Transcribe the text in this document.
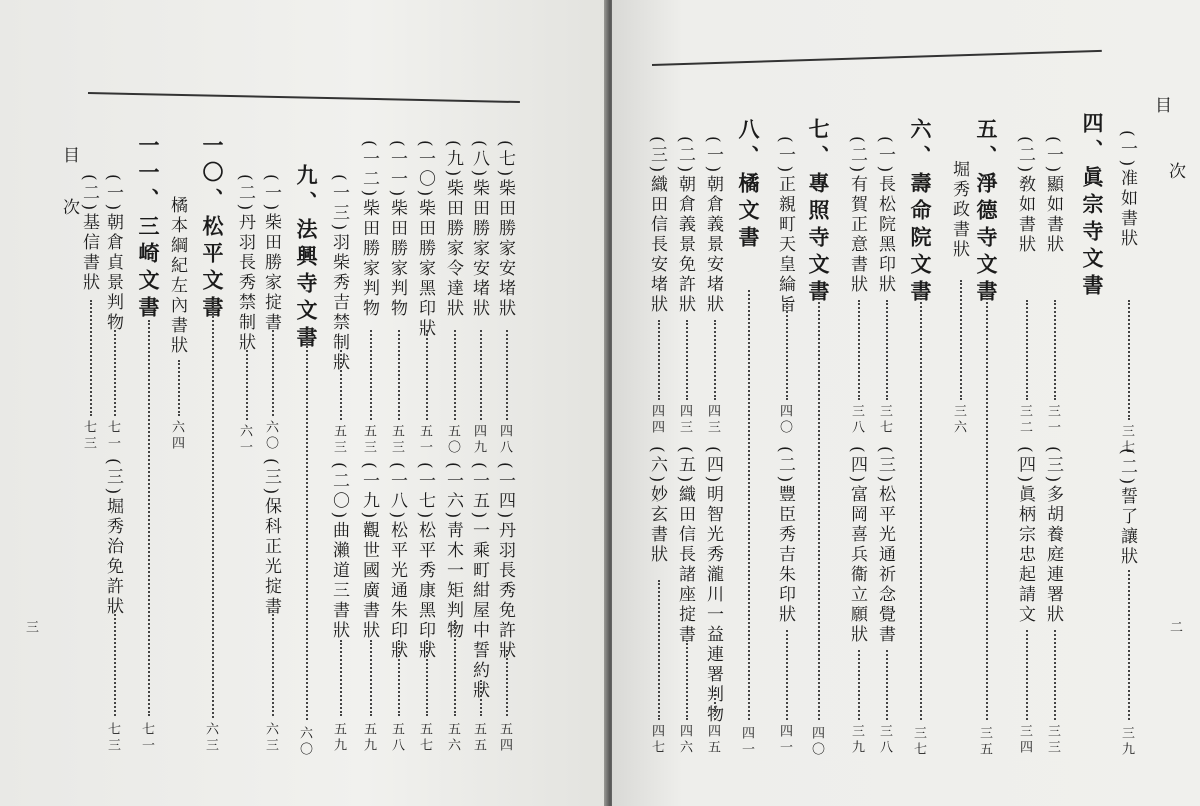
目
次
三
(七)柴田勝家安堵狀
四八
(一四)丹羽長秀免許狀
五四
(八)柴田勝家安堵狀
四九
(一五)一乘町紺屋中誓約狀
五五
(九)柴田勝家令達狀
五〇
(一六)靑木一矩判物
五六
(一〇)柴田勝家黑印狀
五一
(一七)松平秀康黑印狀
五七
(一一)柴田勝家判物
五三
(一八)松平光通朱印狀
五八
(一二)柴田勝家判物
五三
(一九)觀世國廣書狀
五九
(一三)羽柴秀吉禁制狀
五三
(二〇)曲瀨道三書狀
五九
九、法興寺文書
六〇
(一)柴田勝家掟書
六〇
(三)保科正光掟書
六三
(二)丹羽長秀禁制狀
六一
一〇、松平文書
六三
橘本綱紀左內書狀
六四
一一、三崎文書
七一
(一)朝倉貞景判物
七一
(三)堀秀治免許狀
七三
(二)基信書狀
七三
目
次
二
(一)准如書狀
三七
(二)誓了讓狀
三九
四、眞宗寺文書
(一)顯如書狀
三一
(三)多胡養庭連署狀
三三
(二)敎如書狀
三二
(四)眞柄宗忠起請文
三四
五、淨德寺文書
三五
堀秀政書狀
三六
六、壽命院文書
三七
(一)長松院黑印狀
三七
(三)松平光通祈念覺書
三八
(二)有賀正意書狀
三八
(四)富岡喜兵衞立願狀
三九
七、專照寺文書
四〇
(一)正親町天皇綸旨
四〇
(二)豐臣秀吉朱印狀
四一
八、橘文書
四一
(一)朝倉義景安堵狀
四三
(四)明智光秀瀧川一益連署判物
四五
(二)朝倉義景免許狀
四三
(五)織田信長諸座掟書
四六
(三)織田信長安堵狀
四四
(六)妙玄書狀
四七
